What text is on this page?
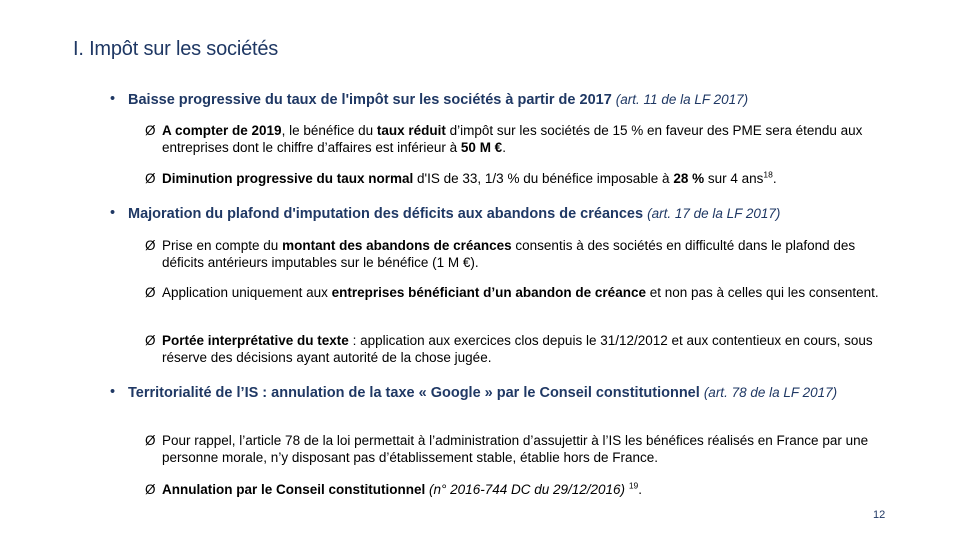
I. Impôt sur les sociétés
• Baisse progressive du taux de l'impôt sur les sociétés à partir de 2017 (art. 11 de la LF 2017)
Ø A compter de 2019, le bénéfice du taux réduit d’impôt sur les sociétés de 15 % en faveur des PME sera étendu aux entreprises dont le chiffre d’affaires est inférieur à 50 M €.
Ø Diminution progressive du taux normal d'IS de 33, 1/3 % du bénéfice imposable à 28 % sur 4 ans$^{18}$.
• Majoration du plafond d'imputation des déficits aux abandons de créances (art. 17 de la LF 2017)
Ø Prise en compte du montant des abandons de créances consentis à des sociétés en difficulté dans le plafond des déficits antérieurs imputables sur le bénéfice (1 M €).
Ø Application uniquement aux entreprises bénéficiant d’un abandon de créance et non pas à celles qui les consentent.
Ø Portée interprétative du texte : application aux exercices clos depuis le 31/12/2012 et aux contentieux en cours, sous réserve des décisions ayant autorité de la chose jugée.
• Territorialité de l’IS : annulation de la taxe « Google » par le Conseil constitutionnel (art. 78 de la LF 2017)
Ø Pour rappel, l’article 78 de la loi permettait à l’administration d’assujettir à l’IS les bénéfices réalisés en France par une personne morale, n’y disposant pas d’établissement stable, établie hors de France.
Ø Annulation par le Conseil constitutionnel (n° 2016-744 DC du 29/12/2016) $^{19}$.
12
